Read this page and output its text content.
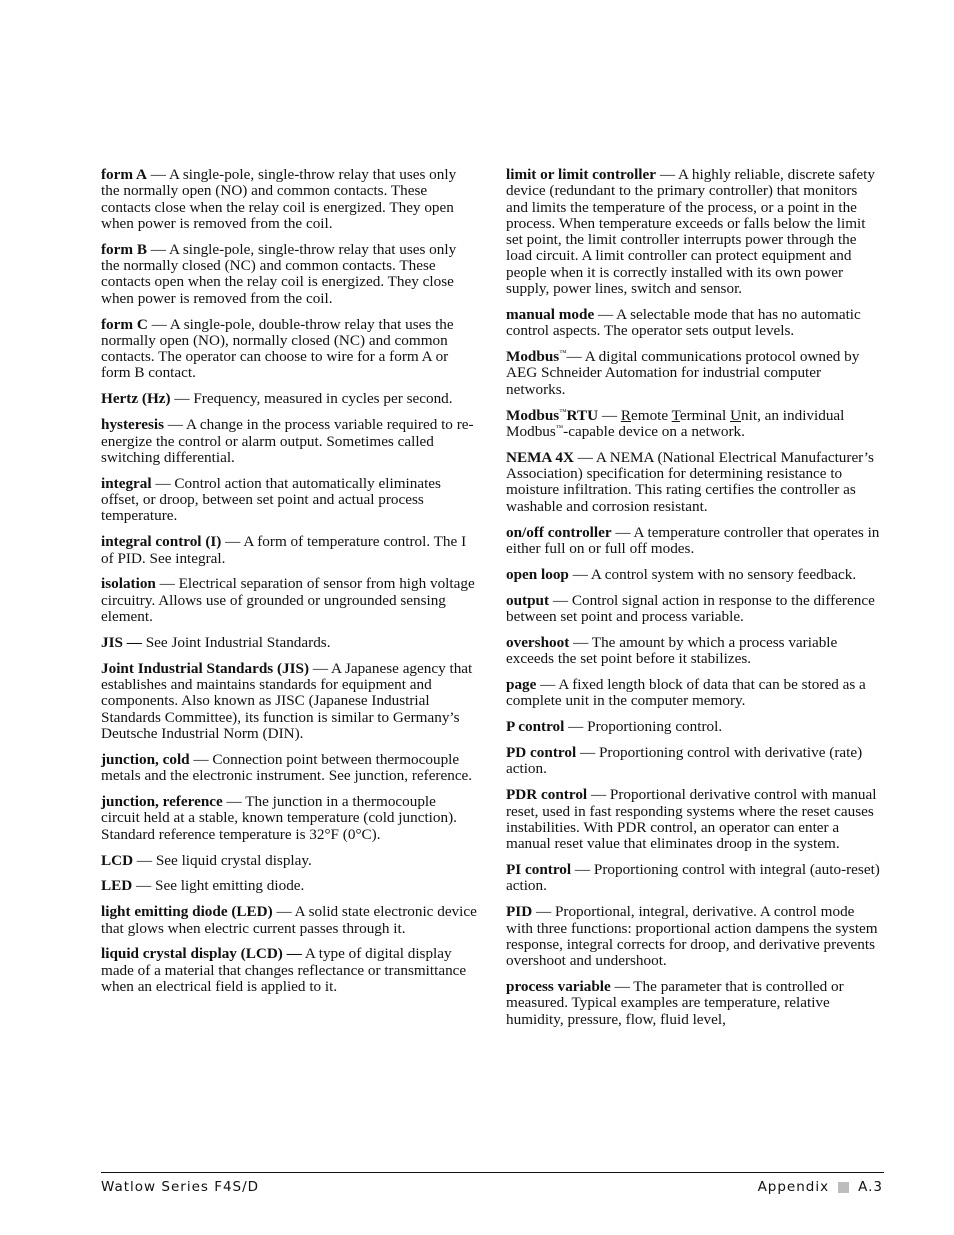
form A — A single-pole, single-throw relay that uses only the normally open (NO) and common contacts. These contacts close when the relay coil is energized. They open when power is removed from the coil.

form B — A single-pole, single-throw relay that uses only the normally closed (NC) and common contacts. These contacts open when the relay coil is energized. They close when power is removed from the coil.

form C — A single-pole, double-throw relay that uses the normally open (NO), normally closed (NC) and common contacts. The operator can choose to wire for a form A or form B contact.

Hertz (Hz) — Frequency, measured in cycles per second.

hysteresis — A change in the process variable required to re-energize the control or alarm output. Sometimes called switching differential.

integral — Control action that automatically eliminates offset, or droop, between set point and actual process temperature.

integral control (I) — A form of temperature control. The I of PID. See integral.

isolation — Electrical separation of sensor from high voltage circuitry. Allows use of grounded or ungrounded sensing element.

JIS — See Joint Industrial Standards.

Joint Industrial Standards (JIS) — A Japanese agency that establishes and maintains standards for equipment and components. Also known as JISC (Japanese Industrial Standards Committee), its function is similar to Germany’s Deutsche Industrial Norm (DIN).

junction, cold — Connection point between thermocouple metals and the electronic instrument. See junction, reference.

junction, reference — The junction in a thermocouple circuit held at a stable, known temperature (cold junction). Standard reference temperature is 32°F (0°C).

LCD — See liquid crystal display.

LED — See light emitting diode.

light emitting diode (LED) — A solid state electronic device that glows when electric current passes through it.

liquid crystal display (LCD) — A type of digital display made of a material that changes reflectance or transmittance when an electrical field is applied to it.

limit or limit controller — A highly reliable, discrete safety device (redundant to the primary controller) that monitors and limits the temperature of the process, or a point in the process. When temperature exceeds or falls below the limit set point, the limit controller interrupts power through the load circuit. A limit controller can protect equipment and people when it is correctly installed with its own power supply, power lines, switch and sensor.

manual mode — A selectable mode that has no automatic control aspects. The operator sets output levels.

Modbus™— A digital communications protocol owned by AEG Schneider Automation for industrial computer networks.

Modbus™RTU — Remote Terminal Unit, an individual Modbus™-capable device on a network.

NEMA 4X — A NEMA (National Electrical Manufacturer’s Association) specification for determining resistance to moisture infiltration. This rating certifies the controller as washable and corrosion resistant.

on/off controller — A temperature controller that operates in either full on or full off modes.

open loop — A control system with no sensory feedback.

output — Control signal action in response to the difference between set point and process variable.

overshoot — The amount by which a process variable exceeds the set point before it stabilizes.

page — A fixed length block of data that can be stored as a complete unit in the computer memory.

P control — Proportioning control.

PD control — Proportioning control with derivative (rate) action.

PDR control — Proportional derivative control with manual reset, used in fast responding systems where the reset causes instabilities. With PDR control, an operator can enter a manual reset value that eliminates droop in the system.

PI control — Proportioning control with integral (auto-reset) action.

PID — Proportional, integral, derivative. A control mode with three functions: proportional action dampens the system response, integral corrects for droop, and derivative prevents overshoot and undershoot.

process variable — The parameter that is controlled or measured. Typical examples are temperature, relative humidity, pressure, flow, fluid level,

Watlow Series F4S/D	Appendix A.3
